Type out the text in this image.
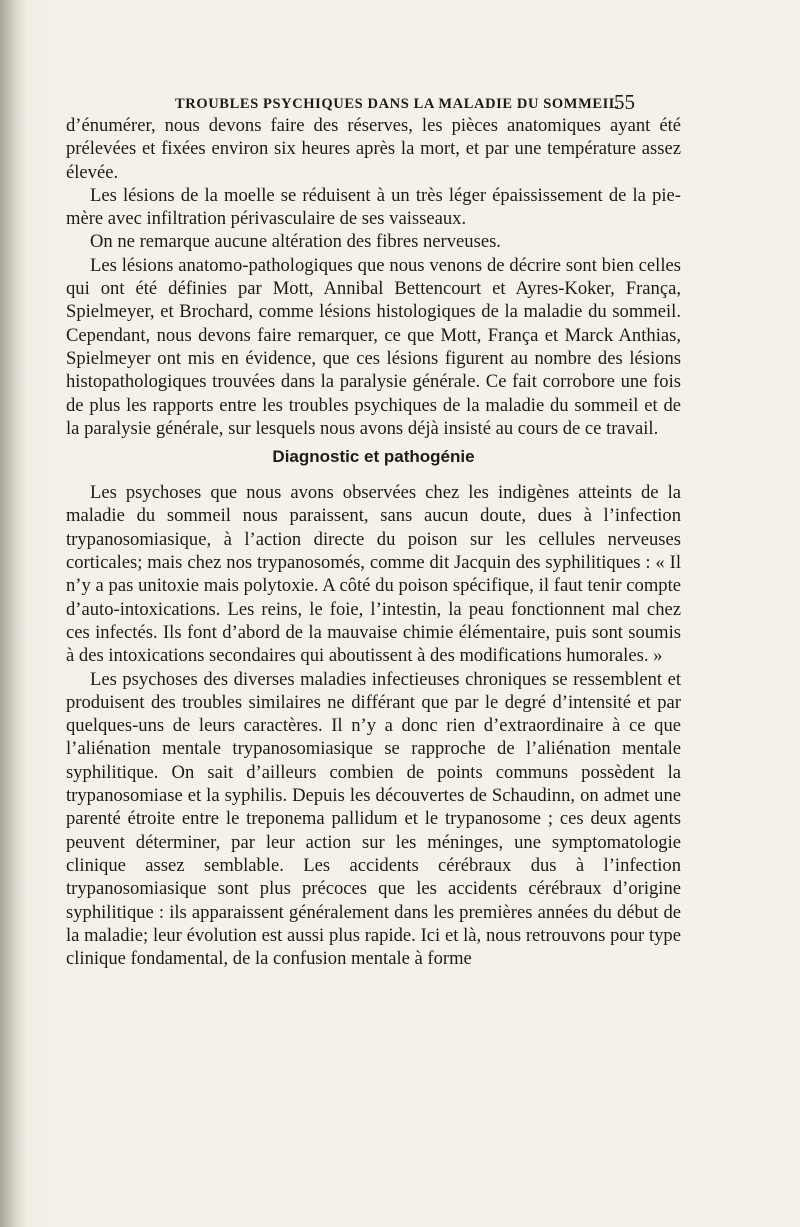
TROUBLES PSYCHIQUES DANS LA MALADIE DU SOMMEIL
55

d’énumérer, nous devons faire des réserves, les pièces anatomiques ayant été prélevées et fixées environ six heures après la mort, et par une température assez élevée.

Les lésions de la moelle se réduisent à un très léger épaississement de la pie-mère avec infiltration périvasculaire de ses vaisseaux.

On ne remarque aucune altération des fibres nerveuses.

Les lésions anatomo-pathologiques que nous venons de décrire sont bien celles qui ont été définies par Mott, Annibal Bettencourt et Ayres-Koker, França, Spielmeyer, et Brochard, comme lésions histologiques de la maladie du sommeil. Cependant, nous devons faire remarquer, ce que Mott, França et Marck Anthias, Spielmeyer ont mis en évidence, que ces lésions figurent au nombre des lésions histopathologiques trouvées dans la paralysie générale. Ce fait corrobore une fois de plus les rapports entre les troubles psychiques de la maladie du sommeil et de la paralysie générale, sur lesquels nous avons déjà insisté au cours de ce travail.

Diagnostic et pathogénie

Les psychoses que nous avons observées chez les indigènes atteints de la maladie du sommeil nous paraissent, sans aucun doute, dues à l’infection trypanosomiasique, à l’action directe du poison sur les cellules nerveuses corticales; mais chez nos trypanosomés, comme dit Jacquin des syphilitiques : « Il n’y a pas unitoxie mais polytoxie. A côté du poison spécifique, il faut tenir compte d’auto-intoxications. Les reins, le foie, l’intestin, la peau fonctionnent mal chez ces infectés. Ils font d’abord de la mauvaise chimie élémentaire, puis sont soumis à des intoxications secondaires qui aboutissent à des modifications humorales. »

Les psychoses des diverses maladies infectieuses chroniques se ressemblent et produisent des troubles similaires ne différant que par le degré d’intensité et par quelques-uns de leurs caractères. Il n’y a donc rien d’extraordinaire à ce que l’aliénation mentale trypanosomiasique se rapproche de l’aliénation mentale syphilitique. On sait d’ailleurs combien de points communs possèdent la trypanosomiase et la syphilis. Depuis les découvertes de Schaudinn, on admet une parenté étroite entre le treponema pallidum et le trypanosome ; ces deux agents peuvent déterminer, par leur action sur les méninges, une symptomatologie clinique assez semblable. Les accidents cérébraux dus à l’infection trypanosomiasique sont plus précoces que les accidents cérébraux d’origine syphilitique : ils apparaissent généralement dans les premières années du début de la maladie; leur évolution est aussi plus rapide. Ici et là, nous retrouvons pour type clinique fondamental, de la confusion mentale à forme
